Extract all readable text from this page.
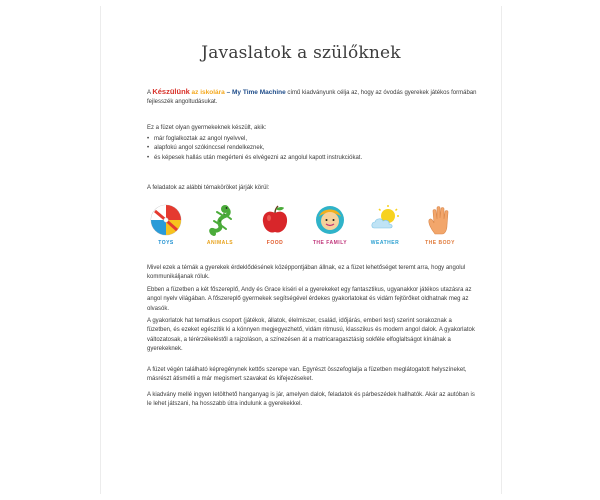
Javaslatok a szülőknek
A Készülünk az iskolára – My Time Machine című kiadványunk célja az, hogy az óvodás gyerekek játékos formában fejlesszék angoltudásukat.
Ez a füzet olyan gyermekeknek készült, akik:
• már foglalkoztak az angol nyelvvel,
• alapfokú angol szókinccsel rendelkeznek,
• és képesek hallás után megérteni és elvégezni az angolul kapott instrukciókat.
A feladatok az alábbi témaköröket járják körül:
TOYS	ANIMALS	FOOD	THE FAMILY	WEATHER	THE BODY
Mivel ezek a témák a gyerekek érdeklődésének középpontjában állnak, ez a füzet lehetőséget teremt arra, hogy angolul kommunikáljanak róluk.
Ebben a füzetben a két főszereplő, Andy és Grace kíséri el a gyerekeket egy fantasztikus, ugyanakkor játékos utazásra az angol nyelv világában. A főszereplő gyermekek segítségével érdekes gyakorlatokat és vidám fejtörőket oldhatnak meg az olvasók.
A gyakorlatok hat tematikus csoport (játékok, állatok, élelmiszer, család, időjárás, emberi test) szerint sorakoznak a füzetben, és ezeket egészítik ki a könnyen megjegyezhető, vidám ritmusú, klasszikus és modern angol dalok. A gyakorlatok változatosak, a térérzékeléstől a rajzoláson, a színezésen át a matricaragasztásig sokféle elfoglaltságot kínálnak a gyerekeknek.
A füzet végén található képregénynek kettős szerepe van. Egyrészt összefoglalja a füzetben meglátogatott helyszíneket, másrészt átismétli a már megismert szavakat és kifejezéseket.
A kiadvány mellé ingyen letölthető hanganyag is jár, amelyen dalok, feladatok és párbeszédek hallhatók. Akár az autóban is le lehet játszani, ha hosszabb útra indulunk a gyerekekkel.
